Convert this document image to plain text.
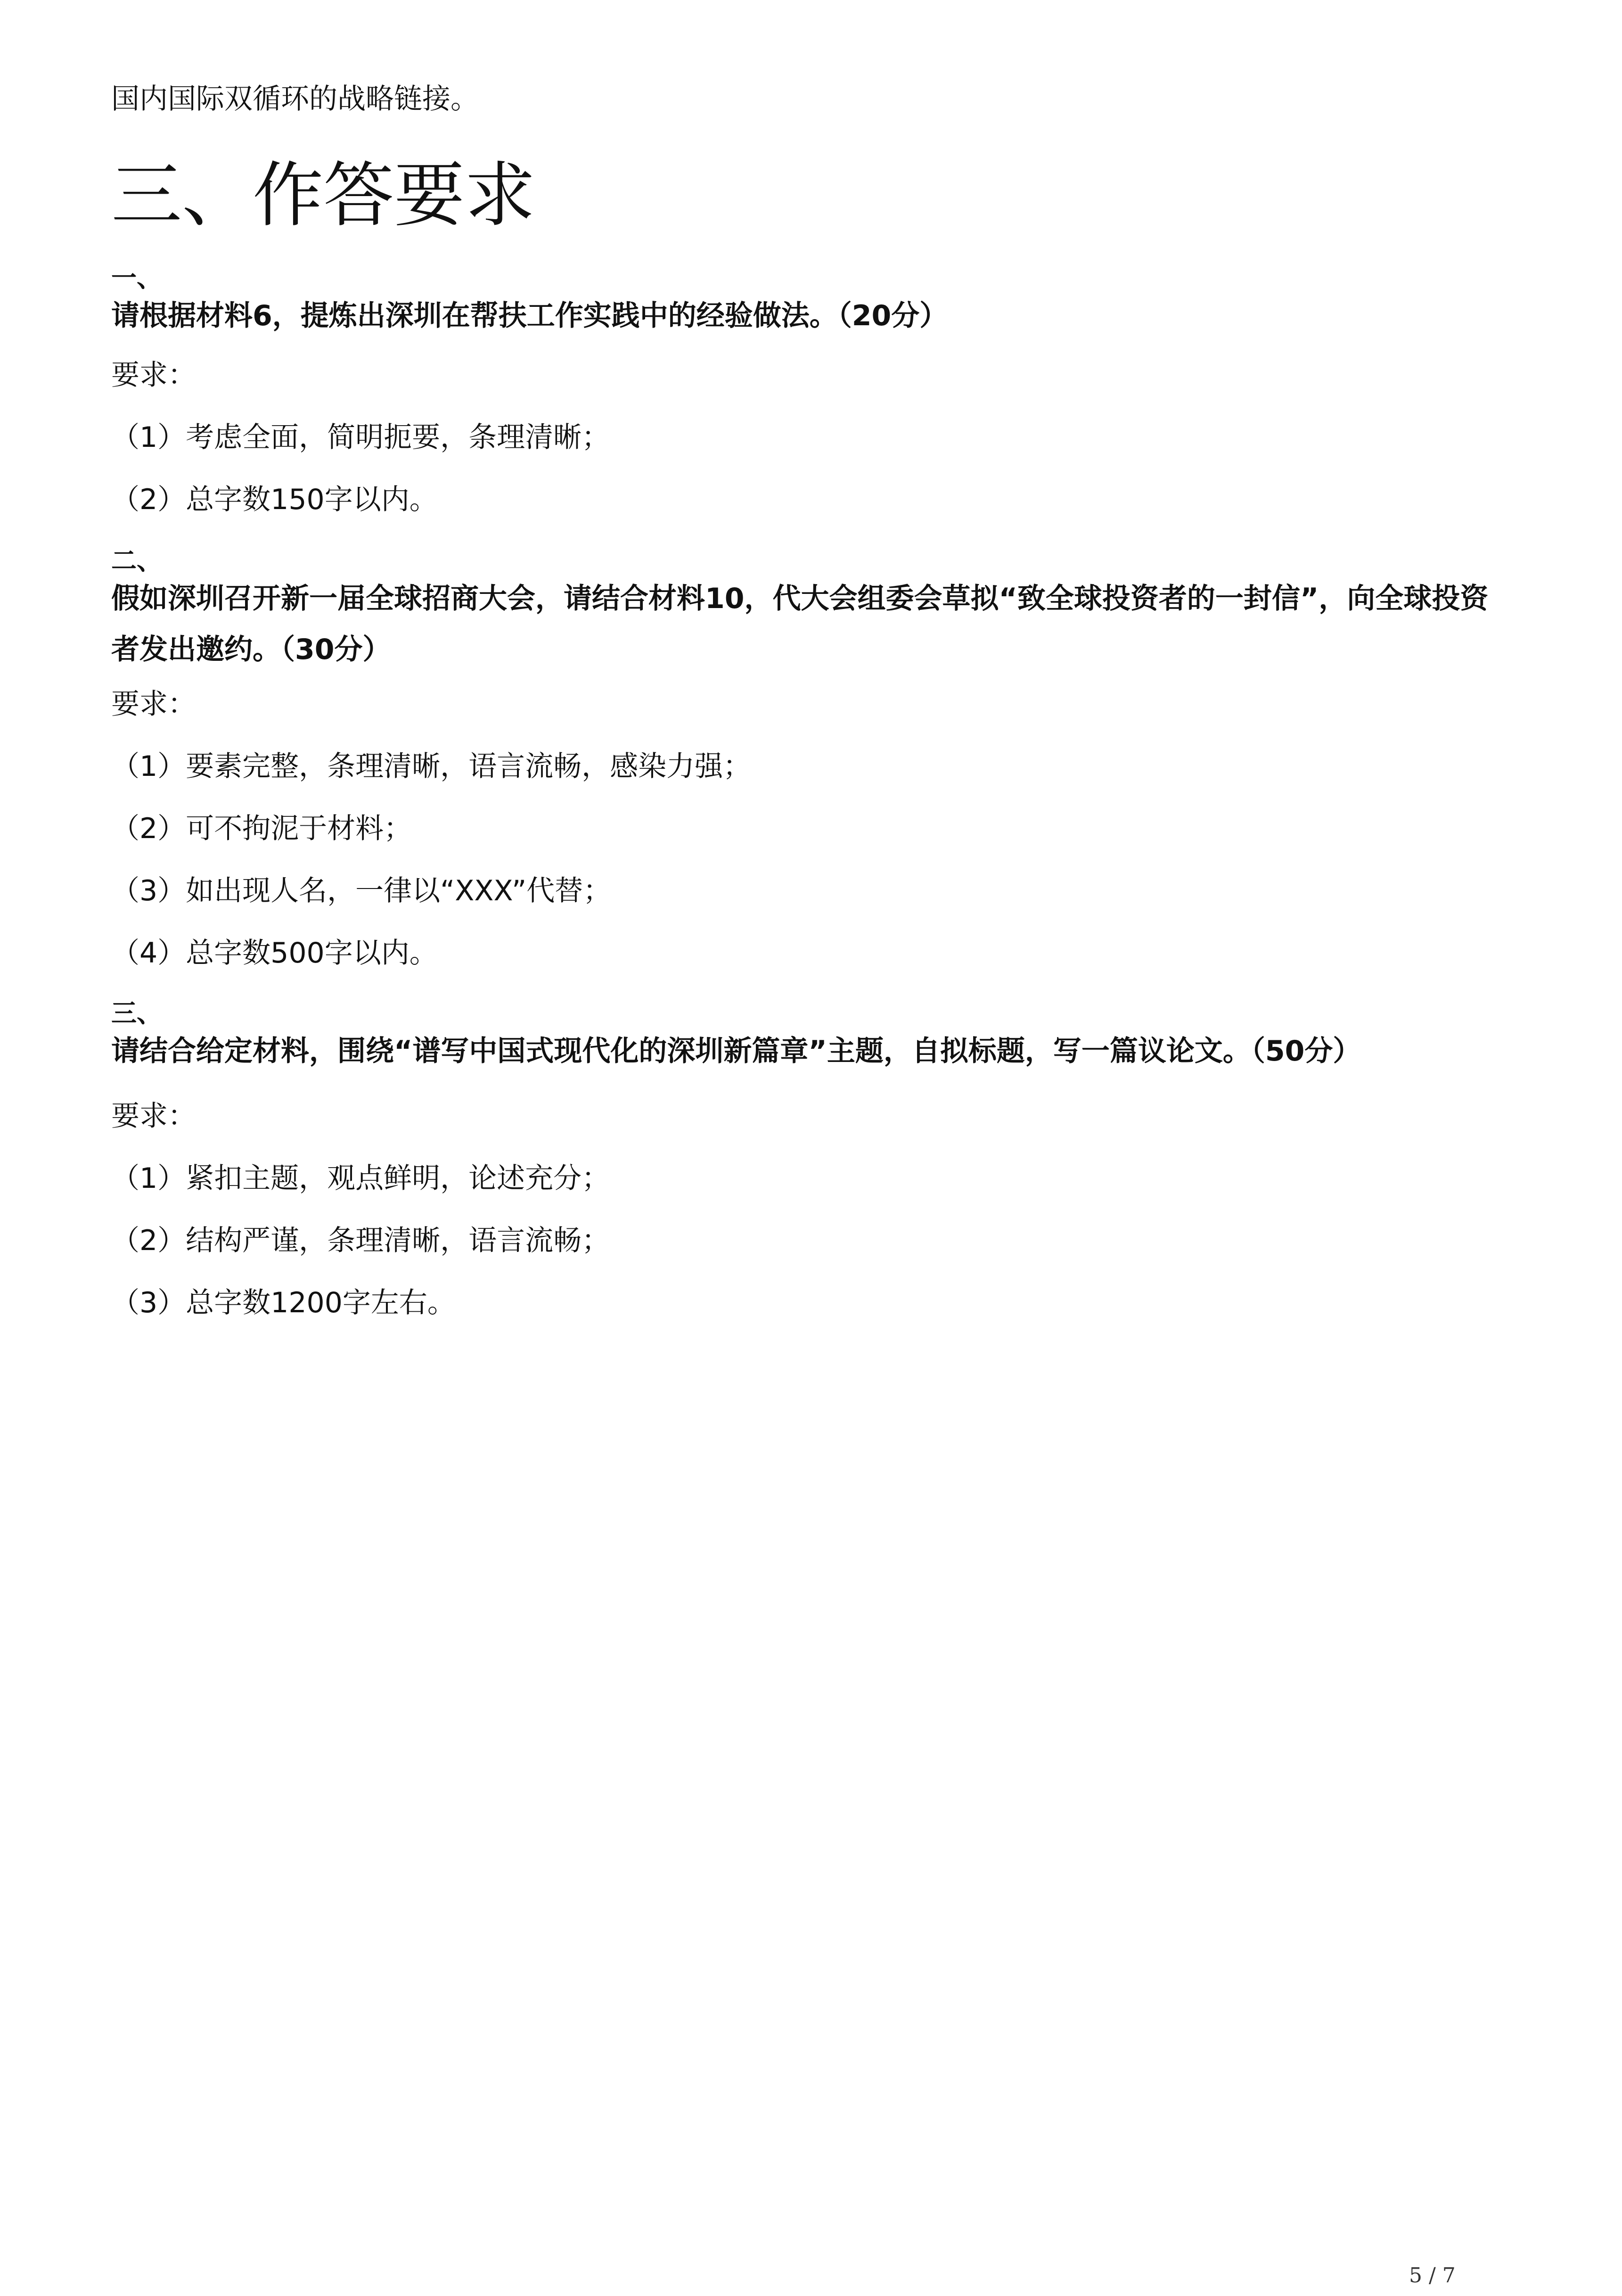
国内国际双循环的战略链接。
三、作答要求
一、
请根据材料6，提炼出深圳在帮扶工作实践中的经验做法。（20分）
要求：
（1）考虑全面，简明扼要，条理清晰；
（2）总字数150字以内。
二、
假如深圳召开新一届全球招商大会，请结合材料10，代大会组委会草拟“致全球投资者的一封信”，向全球投资者发出邀约。（30分）
要求：
（1）要素完整，条理清晰，语言流畅，感染力强；
（2）可不拘泥于材料；
（3）如出现人名，一律以“XXX”代替；
（4）总字数500字以内。
三、
请结合给定材料，围绕“谱写中国式现代化的深圳新篇章”主题，自拟标题，写一篇议论文。（50分）
要求：
（1）紧扣主题，观点鲜明，论述充分；
（2）结构严谨，条理清晰，语言流畅；
（3）总字数1200字左右。
5 / 7
